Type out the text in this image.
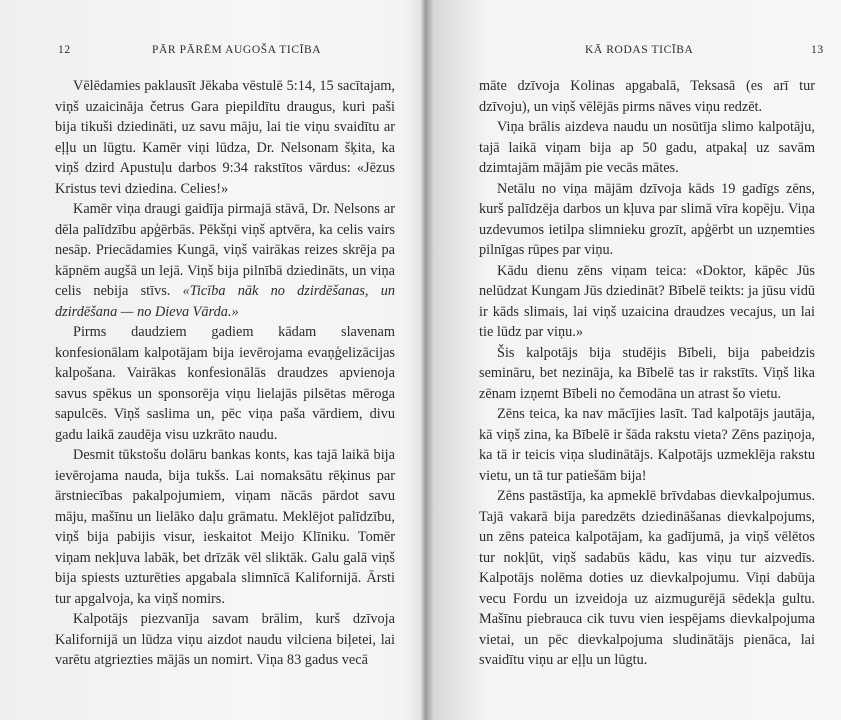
12	PĀR PĀRĒM AUGOŠA TICĪBA

Vēlēdamies paklausīt Jēkaba vēstulē 5:14, 15 sacītajam, viņš uzaicināja četrus Gara piepildītu draugus, kuri paši bija tikuši dziedināti, uz savu māju, lai tie viņu svaidītu ar eļļu un lūgtu. Kamēr viņi lūdza, Dr. Nelsonam šķita, ka viņš dzird Apustuļu darbos 9:34 rakstītos vārdus: «Jēzus Kristus tevi dziedina. Celies!»

Kamēr viņa draugi gaidīja pirmajā stāvā, Dr. Nelsons ar dēla palīdzību apģērbās. Pēkšņi viņš aptvēra, ka celis vairs nesāp. Priecādamies Kungā, viņš vairākas reizes skrēja pa kāpnēm augšā un lejā. Viņš bija pilnībā dziedināts, un viņa celis nebija stīvs. «Ticība nāk no dzirdēšanas, un dzirdēšana — no Dieva Vārda.»

Pirms daudziem gadiem kādam slavenam konfesionālam kalpotājam bija ievērojama evaņģelizācijas kalpošana. Vairākas konfesionālās draudzes apvienoja savus spēkus un sponsorēja viņu lielajās pilsētas mēroga sapulcēs. Viņš saslima un, pēc viņa paša vārdiem, divu gadu laikā zaudēja visu uzkrāto naudu.

Desmit tūkstošu dolāru bankas konts, kas tajā laikā bija ievērojama nauda, bija tukšs. Lai nomaksātu rēķinus par ārstniecības pakalpojumiem, viņam nācās pārdot savu māju, mašīnu un lielāko daļu grāmatu. Meklējot palīdzību, viņš bija pabijis visur, ieskaitot Meijo Klīniku. Tomēr viņam nekļuva labāk, bet drīzāk vēl sliktāk. Galu galā viņš bija spiests uzturēties apgabala slimnīcā Kalifornijā. Ārsti tur apgalvoja, ka viņš nomirs.

Kalpotājs piezvanīja savam brālim, kurš dzīvoja Kalifornijā un lūdza viņu aizdot naudu vilciena biļetei, lai varētu atgriezties mājās un nomirt. Viņa 83 gadus vecā

KĀ RODAS TICĪBA	13

māte dzīvoja Kolinas apgabalā, Teksasā (es arī tur dzīvoju), un viņš vēlējās pirms nāves viņu redzēt.

Viņa brālis aizdeva naudu un nosūtīja slimo kalpotāju, tajā laikā viņam bija ap 50 gadu, atpakaļ uz savām dzimtajām mājām pie vecās mātes.

Netālu no viņa mājām dzīvoja kāds 19 gadīgs zēns, kurš palīdzēja darbos un kļuva par slimā vīra kopēju. Viņa uzdevumos ietilpa slimnieku grozīt, apģērbt un uzņemties pilnīgas rūpes par viņu.

Kādu dienu zēns viņam teica: «Doktor, kāpēc Jūs nelūdzat Kungam Jūs dziedināt? Bībelē teikts: ja jūsu vidū ir kāds slimais, lai viņš uzaicina draudzes vecajus, un lai tie lūdz par viņu.»

Šis kalpotājs bija studējis Bībeli, bija pabeidzis semināru, bet nezināja, ka Bībelē tas ir rakstīts. Viņš lika zēnam izņemt Bībeli no čemodāna un atrast šo vietu.

Zēns teica, ka nav mācījies lasīt. Tad kalpotājs jautāja, kā viņš zina, ka Bībelē ir šāda rakstu vieta? Zēns paziņoja, ka tā ir teicis viņa sludinātājs. Kalpotājs uzmeklēja rakstu vietu, un tā tur patiešām bija!

Zēns pastāstīja, ka apmeklē brīvdabas dievkalpojumus. Tajā vakarā bija paredzēts dziedināšanas dievkalpojums, un zēns pateica kalpotājam, ka gadījumā, ja viņš vēlētos tur nokļūt, viņš sadabūs kādu, kas viņu tur aizvedīs. Kalpotājs nolēma doties uz dievkalpojumu. Viņi dabūja vecu Fordu un izveidoja uz aizmugurējā sēdekļa gultu. Mašīnu piebrauca cik tuvu vien iespējams dievkalpojuma vietai, un pēc dievkalpojuma sludinātājs pienāca, lai svaidītu viņu ar eļļu un lūgtu.
